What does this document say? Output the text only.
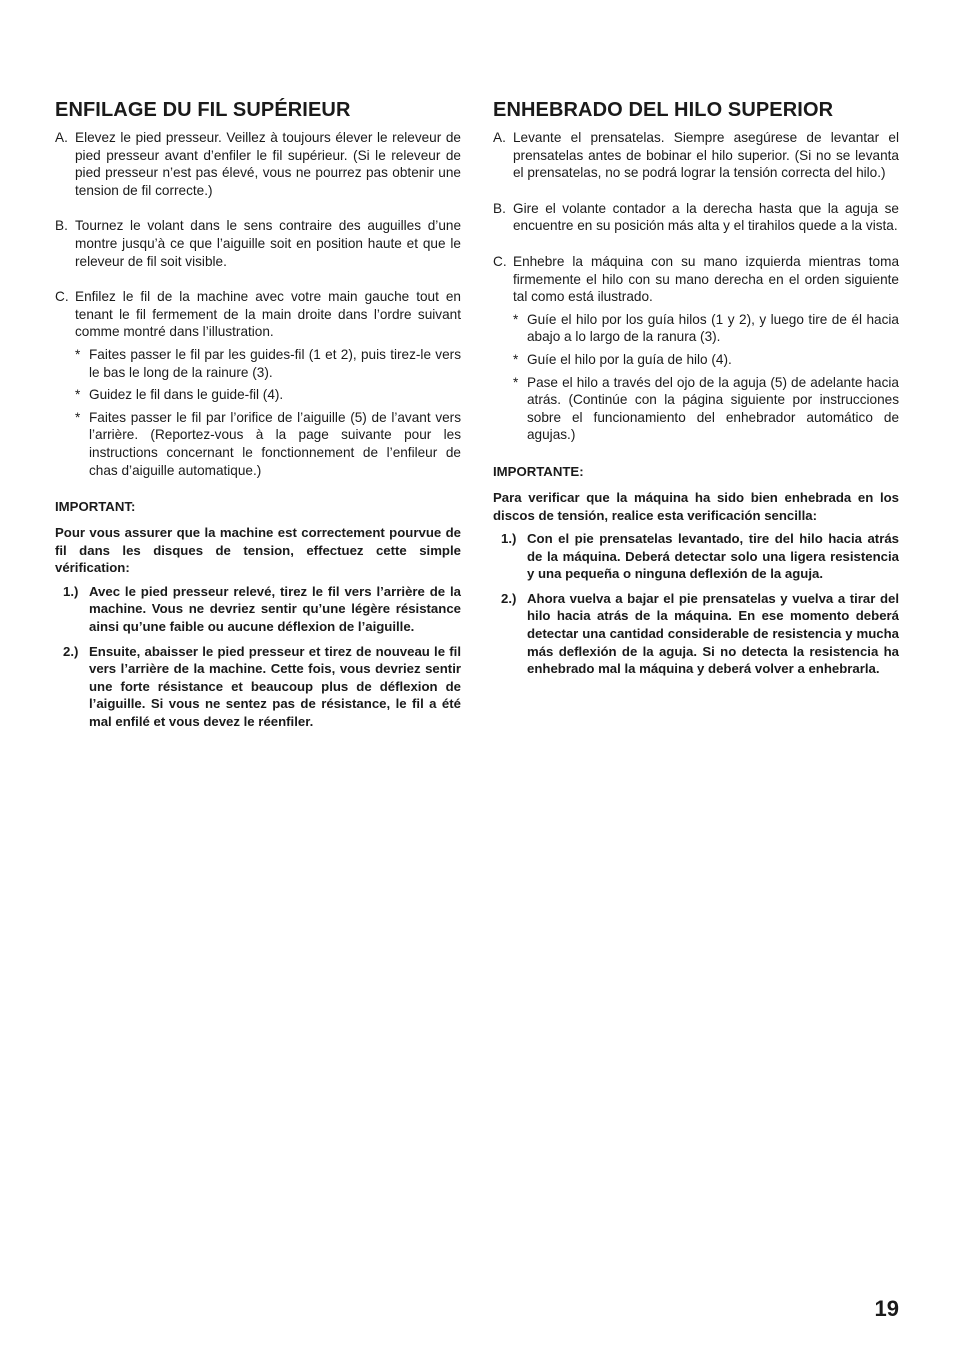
ENFILAGE DU FIL SUPÉRIEUR
A. Elevez le pied presseur. Veillez à toujours élever le releveur de pied presseur avant d’enfiler le fil supérieur. (Si le releveur de pied presseur n’est pas élevé, vous ne pourrez pas obtenir une tension de fil correcte.)
B. Tournez le volant dans le sens contraire des auguilles d’une montre jusqu’à ce que l’aiguille soit en position haute et que le releveur de fil soit visible.
C. Enfilez le fil de la machine avec votre main gauche tout en tenant le fil fermement de la main droite dans l’ordre suivant comme montré dans l’illustration.
* Faites passer le fil par les guides-fil (1 et 2), puis tirez-le vers le bas le long de la rainure (3).
* Guidez le fil dans le guide-fil (4).
* Faites passer le fil par l’orifice de l’aiguille (5) de l’avant vers l’arrière. (Reportez-vous à la page suivante pour les instructions concernant le fonctionnement de l’enfileur de chas d’aiguille automatique.)
IMPORTANT:
Pour vous assurer que la machine est correctement pourvue de fil dans les disques de tension, effectuez cette simple vérification:
1.) Avec le pied presseur relevé, tirez le fil vers l’arrière de la machine. Vous ne devriez sentir qu’une légère résistance ainsi qu’une faible ou aucune déflexion de l’aiguille.
2.) Ensuite, abaisser le pied presseur et tirez de nouveau le fil vers l’arrière de la machine. Cette fois, vous devriez sentir une forte résistance et beaucoup plus de déflexion de l’aiguille. Si vous ne sentez pas de résistance, le fil a été mal enfilé et vous devez le réenfiler.
ENHEBRADO DEL HILO SUPERIOR
A. Levante el prensatelas. Siempre asegúrese de levantar el prensatelas antes de bobinar el hilo superior. (Si no se levanta el prensatelas, no se podrá lograr la tensión correcta del hilo.)
B. Gire el volante contador a la derecha hasta que la aguja se encuentre en su posición más alta y el tirahilos quede a la vista.
C. Enhebre la máquina con su mano izquierda mientras toma firmemente el hilo con su mano derecha en el orden siguiente tal como está ilustrado.
* Guíe el hilo por los guía hilos (1 y 2), y luego tire de él hacia abajo a lo largo de la ranura (3).
* Guíe el hilo por la guía de hilo (4).
* Pase el hilo a través del ojo de la aguja (5) de adelante hacia atrás. (Continúe con la página siguiente por instrucciones sobre el funcionamiento del enhebrador automático de agujas.)
IMPORTANTE:
Para verificar que la máquina ha sido bien enhebrada en los discos de tensión, realice esta verificación sencilla:
1.) Con el pie prensatelas levantado, tire del hilo hacia atrás de la máquina. Deberá detectar solo una ligera resistencia y una pequeña o ninguna deflexión de la aguja.
2.) Ahora vuelva a bajar el pie prensatelas y vuelva a tirar del hilo hacia atrás de la máquina. En ese momento deberá detectar una cantidad considerable de resistencia y mucha más deflexión de la aguja. Si no detecta la resistencia ha enhebrado mal la máquina y deberá volver a enhebrarla.
19
